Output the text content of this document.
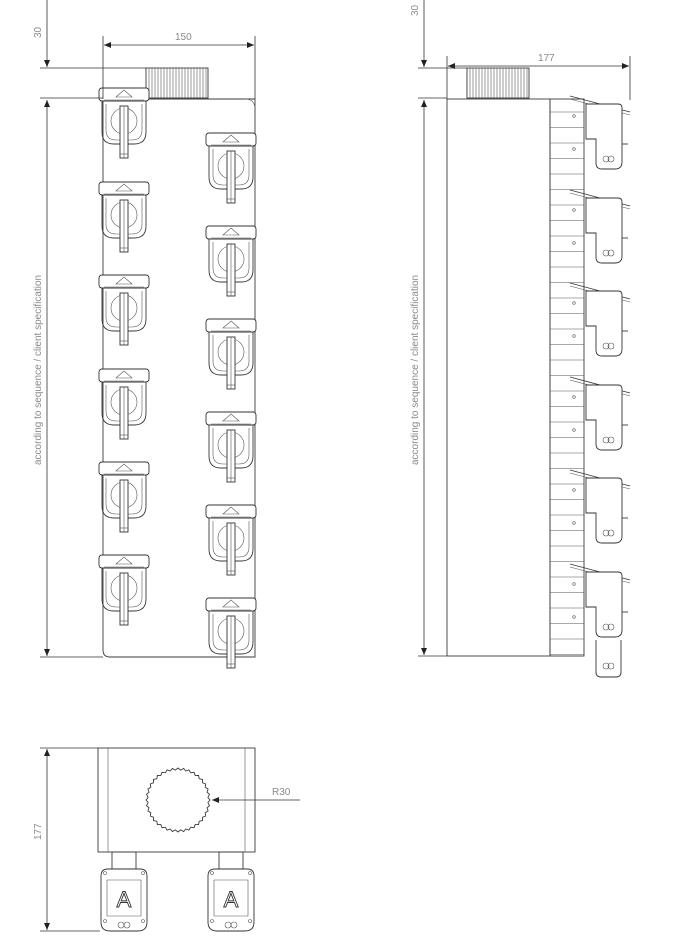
150
30
according to sequence / client specification
177
30
according to sequence / client specification
R30
A	A
177
